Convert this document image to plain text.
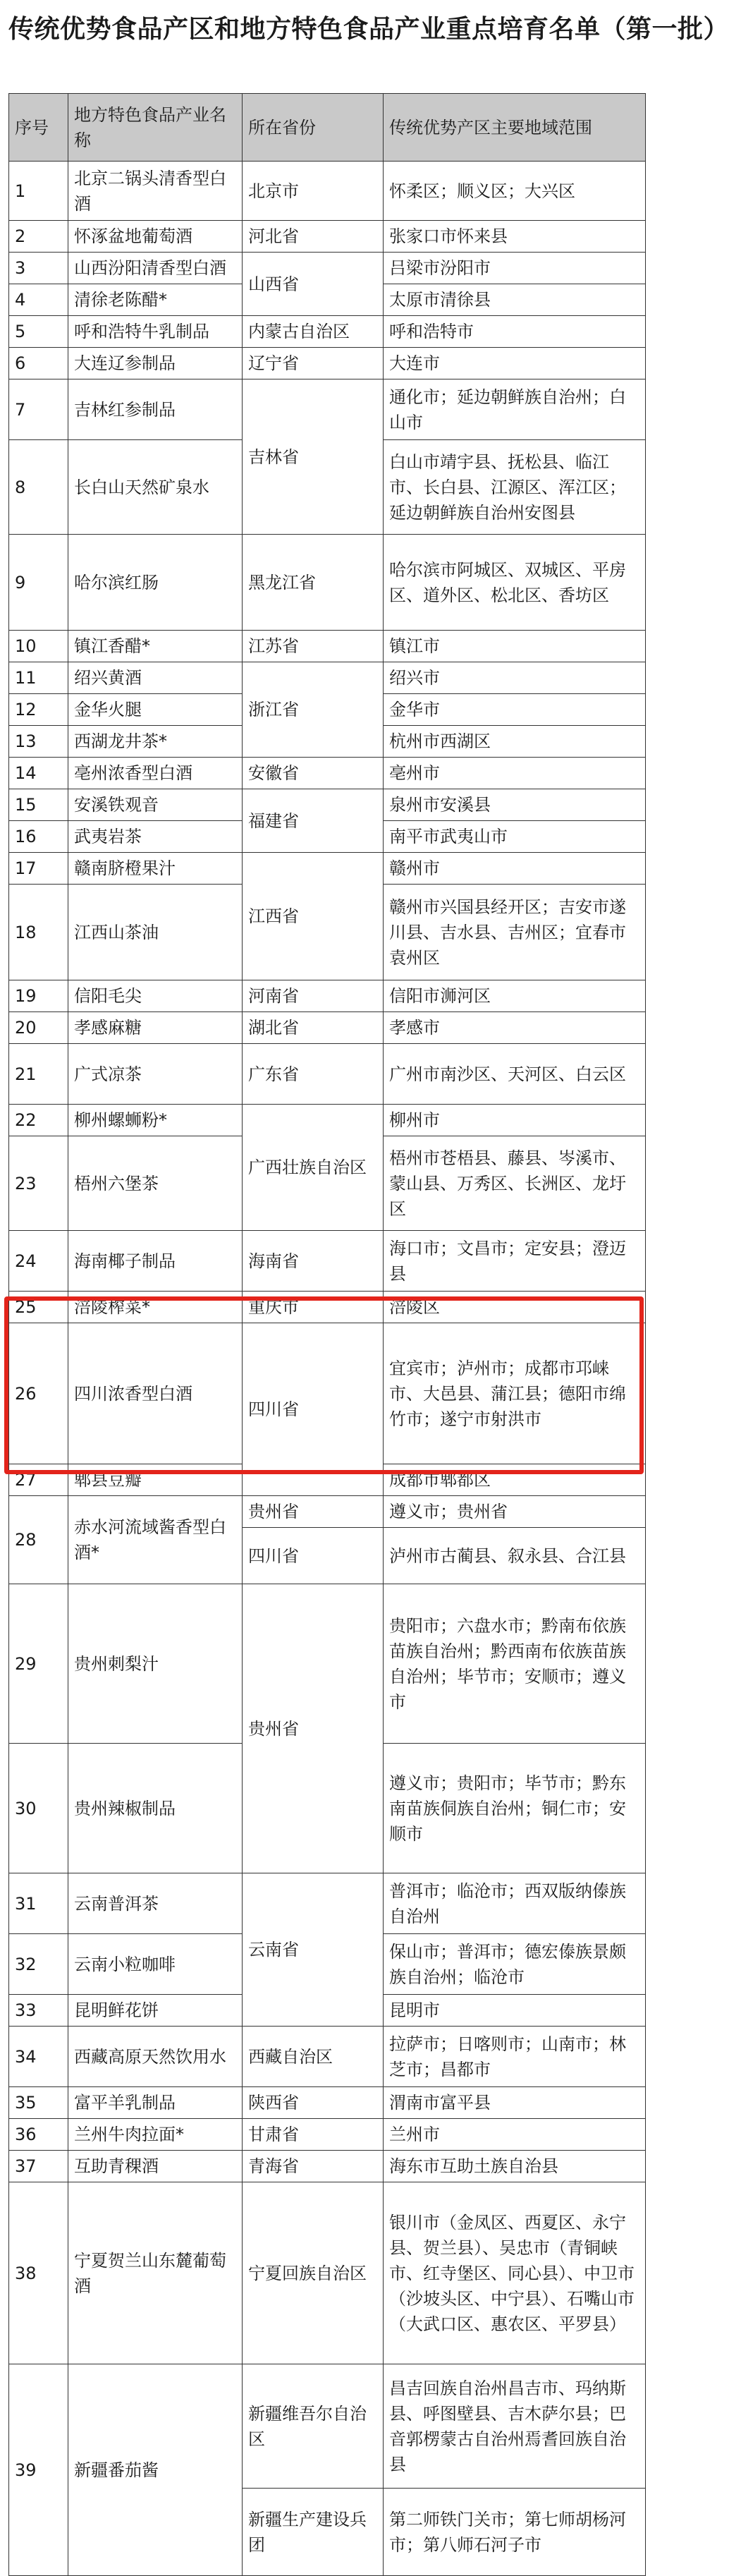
传统优势食品产区和地方特色食品产业重点培育名单（第一批）
序号	地方特色食品产业名称	所在省份	传统优势产区主要地域范围
1	北京二锅头清香型白酒	北京市	怀柔区；顺义区；大兴区
2	怀涿盆地葡萄酒	河北省	张家口市怀来县
3	山西汾阳清香型白酒	山西省	吕梁市汾阳市
4	清徐老陈醋*		太原市清徐县
5	呼和浩特牛乳制品	内蒙古自治区	呼和浩特市
6	大连辽参制品	辽宁省	大连市
7	吉林红参制品	吉林省	通化市；延边朝鲜族自治州；白山市
8	长白山天然矿泉水		白山市靖宇县、抚松县、临江市、长白县、江源区、浑江区；延边朝鲜族自治州安图县
9	哈尔滨红肠	黑龙江省	哈尔滨市阿城区、双城区、平房区、道外区、松北区、香坊区
10	镇江香醋*	江苏省	镇江市
11	绍兴黄酒	浙江省	绍兴市
12	金华火腿		金华市
13	西湖龙井茶*		杭州市西湖区
14	亳州浓香型白酒	安徽省	亳州市
15	安溪铁观音	福建省	泉州市安溪县
16	武夷岩茶		南平市武夷山市
17	赣南脐橙果汁	江西省	赣州市
18	江西山茶油		赣州市兴国县经开区；吉安市遂川县、吉水县、吉州区；宜春市袁州区
19	信阳毛尖	河南省	信阳市浉河区
20	孝感麻糖	湖北省	孝感市
21	广式凉茶	广东省	广州市南沙区、天河区、白云区
22	柳州螺蛳粉*	广西壮族自治区	柳州市
23	梧州六堡茶		梧州市苍梧县、藤县、岑溪市、蒙山县、万秀区、长洲区、龙圩区
24	海南椰子制品	海南省	海口市；文昌市；定安县；澄迈县
25	涪陵榨菜*	重庆市	涪陵区
26	四川浓香型白酒	四川省	宜宾市；泸州市；成都市邛崃市、大邑县、蒲江县；德阳市绵竹市；遂宁市射洪市
27	郫县豆瓣		成都市郫都区
28	赤水河流域酱香型白酒*	贵州省	遵义市；贵州省
		四川省	泸州市古蔺县、叙永县、合江县
29	贵州刺梨汁	贵州省	贵阳市；六盘水市；黔南布依族苗族自治州；黔西南布依族苗族自治州；毕节市；安顺市；遵义市
30	贵州辣椒制品		遵义市；贵阳市；毕节市；黔东南苗族侗族自治州；铜仁市；安顺市
31	云南普洱茶	云南省	普洱市；临沧市；西双版纳傣族自治州
32	云南小粒咖啡		保山市；普洱市；德宏傣族景颇族自治州；临沧市
33	昆明鲜花饼		昆明市
34	西藏高原天然饮用水	西藏自治区	拉萨市；日喀则市；山南市；林芝市；昌都市
35	富平羊乳制品	陕西省	渭南市富平县
36	兰州牛肉拉面*	甘肃省	兰州市
37	互助青稞酒	青海省	海东市互助土族自治县
38	宁夏贺兰山东麓葡萄酒	宁夏回族自治区	银川市（金凤区、西夏区、永宁县、贺兰县）、吴忠市（青铜峡市、红寺堡区、同心县）、中卫市（沙坡头区、中宁县）、石嘴山市（大武口区、惠农区、平罗县）
39	新疆番茄酱	新疆维吾尔自治区	昌吉回族自治州昌吉市、玛纳斯县、呼图壁县、吉木萨尔县；巴音郭楞蒙古自治州焉耆回族自治县
		新疆生产建设兵团	第二师铁门关市；第七师胡杨河市；第八师石河子市
